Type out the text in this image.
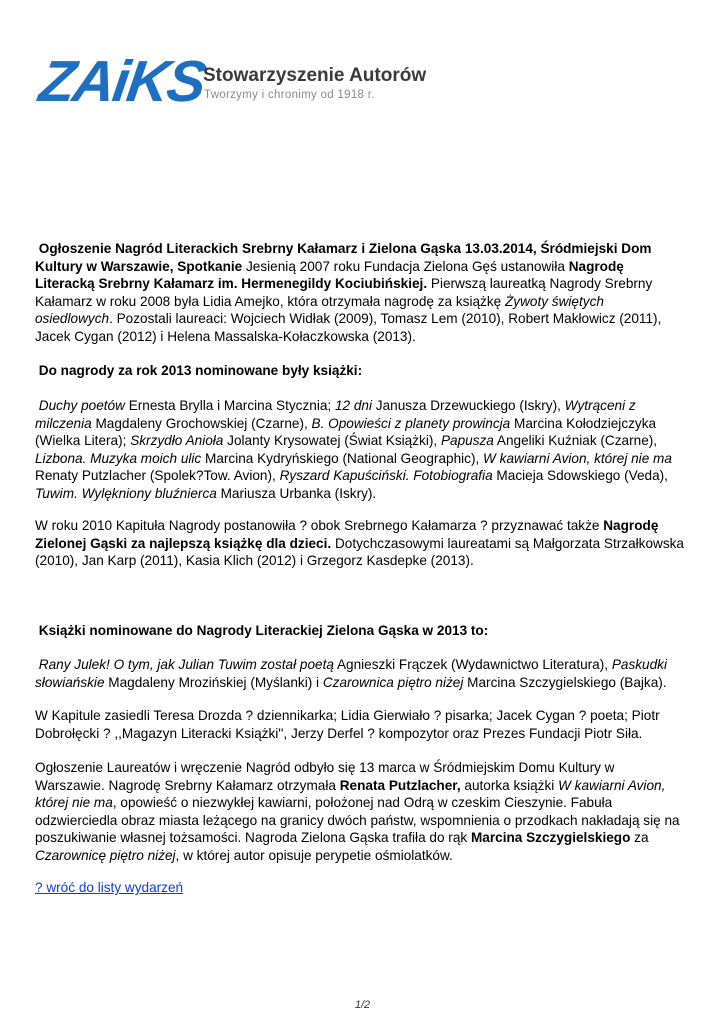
ZAiKS
Stowarzyszenie Autorów
Tworzymy i chronimy od 1918 r.

Ogłoszenie Nagród Literackich Srebrny Kałamarz i Zielona Gąska 13.03.2014, Śródmiejski Dom Kultury w Warszawie, Spotkanie Jesienią 2007 roku Fundacja Zielona Gęś ustanowiła Nagrodę Literacką Srebrny Kałamarz im. Hermenegildy Kociubińskiej. Pierwszą laureatką Nagrody Srebrny Kałamarz w roku 2008 była Lidia Amejko, która otrzymała nagrodę za książkę Żywoty świętych osiedlowych. Pozostali laureaci: Wojciech Widłak (2009), Tomasz Lem (2010), Robert Makłowicz (2011), Jacek Cygan (2012) i Helena Massalska-Kołaczkowska (2013).

Do nagrody za rok 2013 nominowane były książki:

Duchy poetów Ernesta Brylla i Marcina Stycznia; 12 dni Janusza Drzewuckiego (Iskry), Wytrąceni z milczenia Magdaleny Grochowskiej (Czarne), B. Opowieści z planety prowincja Marcina Kołodziejczyka (Wielka Litera); Skrzydło Anioła Jolanty Krysowatej (Świat Książki), Papusza Angeliki Kuźniak (Czarne), Lizbona. Muzyka moich ulic Marcina Kydryńskiego (National Geographic), W kawiarni Avion, której nie ma Renaty Putzlacher (Spolek?Tow. Avion), Ryszard Kapuściński. Fotobiografia Macieja Sdowskiego (Veda), Tuwim. Wylękniony bluźnierca Mariusza Urbanka (Iskry).

W roku 2010 Kapituła Nagrody postanowiła ? obok Srebrnego Kałamarza ? przyznawać także Nagrodę Zielonej Gąski za najlepszą książkę dla dzieci. Dotychczasowymi laureatami są Małgorzata Strzałkowska (2010), Jan Karp (2011), Kasia Klich (2012) i Grzegorz Kasdepke (2013).

Książki nominowane do Nagrody Literackiej Zielona Gąska w 2013 to:

Rany Julek! O tym, jak Julian Tuwim został poetą Agnieszki Frączek (Wydawnictwo Literatura), Paskudki słowiańskie Magdaleny Mrozińskiej (Myślanki) i Czarownica piętro niżej Marcina Szczygielskiego (Bajka).

W Kapitule zasiedli Teresa Drozda ? dziennikarka; Lidia Gierwiało ? pisarka; Jacek Cygan ? poeta; Piotr Dobrołęcki ? ,,Magazyn Literacki Książki'', Jerzy Derfel ? kompozytor oraz Prezes Fundacji Piotr Siła.

Ogłoszenie Laureatów i wręczenie Nagród odbyło się 13 marca w Śródmiejskim Domu Kultury w Warszawie. Nagrodę Srebrny Kałamarz otrzymała Renata Putzlacher, autorka książki W kawiarni Avion, której nie ma, opowieść o niezwykłej kawiarni, położonej nad Odrą w czeskim Cieszynie. Fabuła odzwierciedla obraz miasta leżącego na granicy dwóch państw, wspomnienia o przodkach nakładają się na poszukiwanie własnej tożsamości. Nagroda Zielona Gąska trafiła do rąk Marcina Szczygielskiego za Czarownicę piętro niżej, w której autor opisuje perypetie ośmiolatków.

? wróć do listy wydarzeń
1/2
